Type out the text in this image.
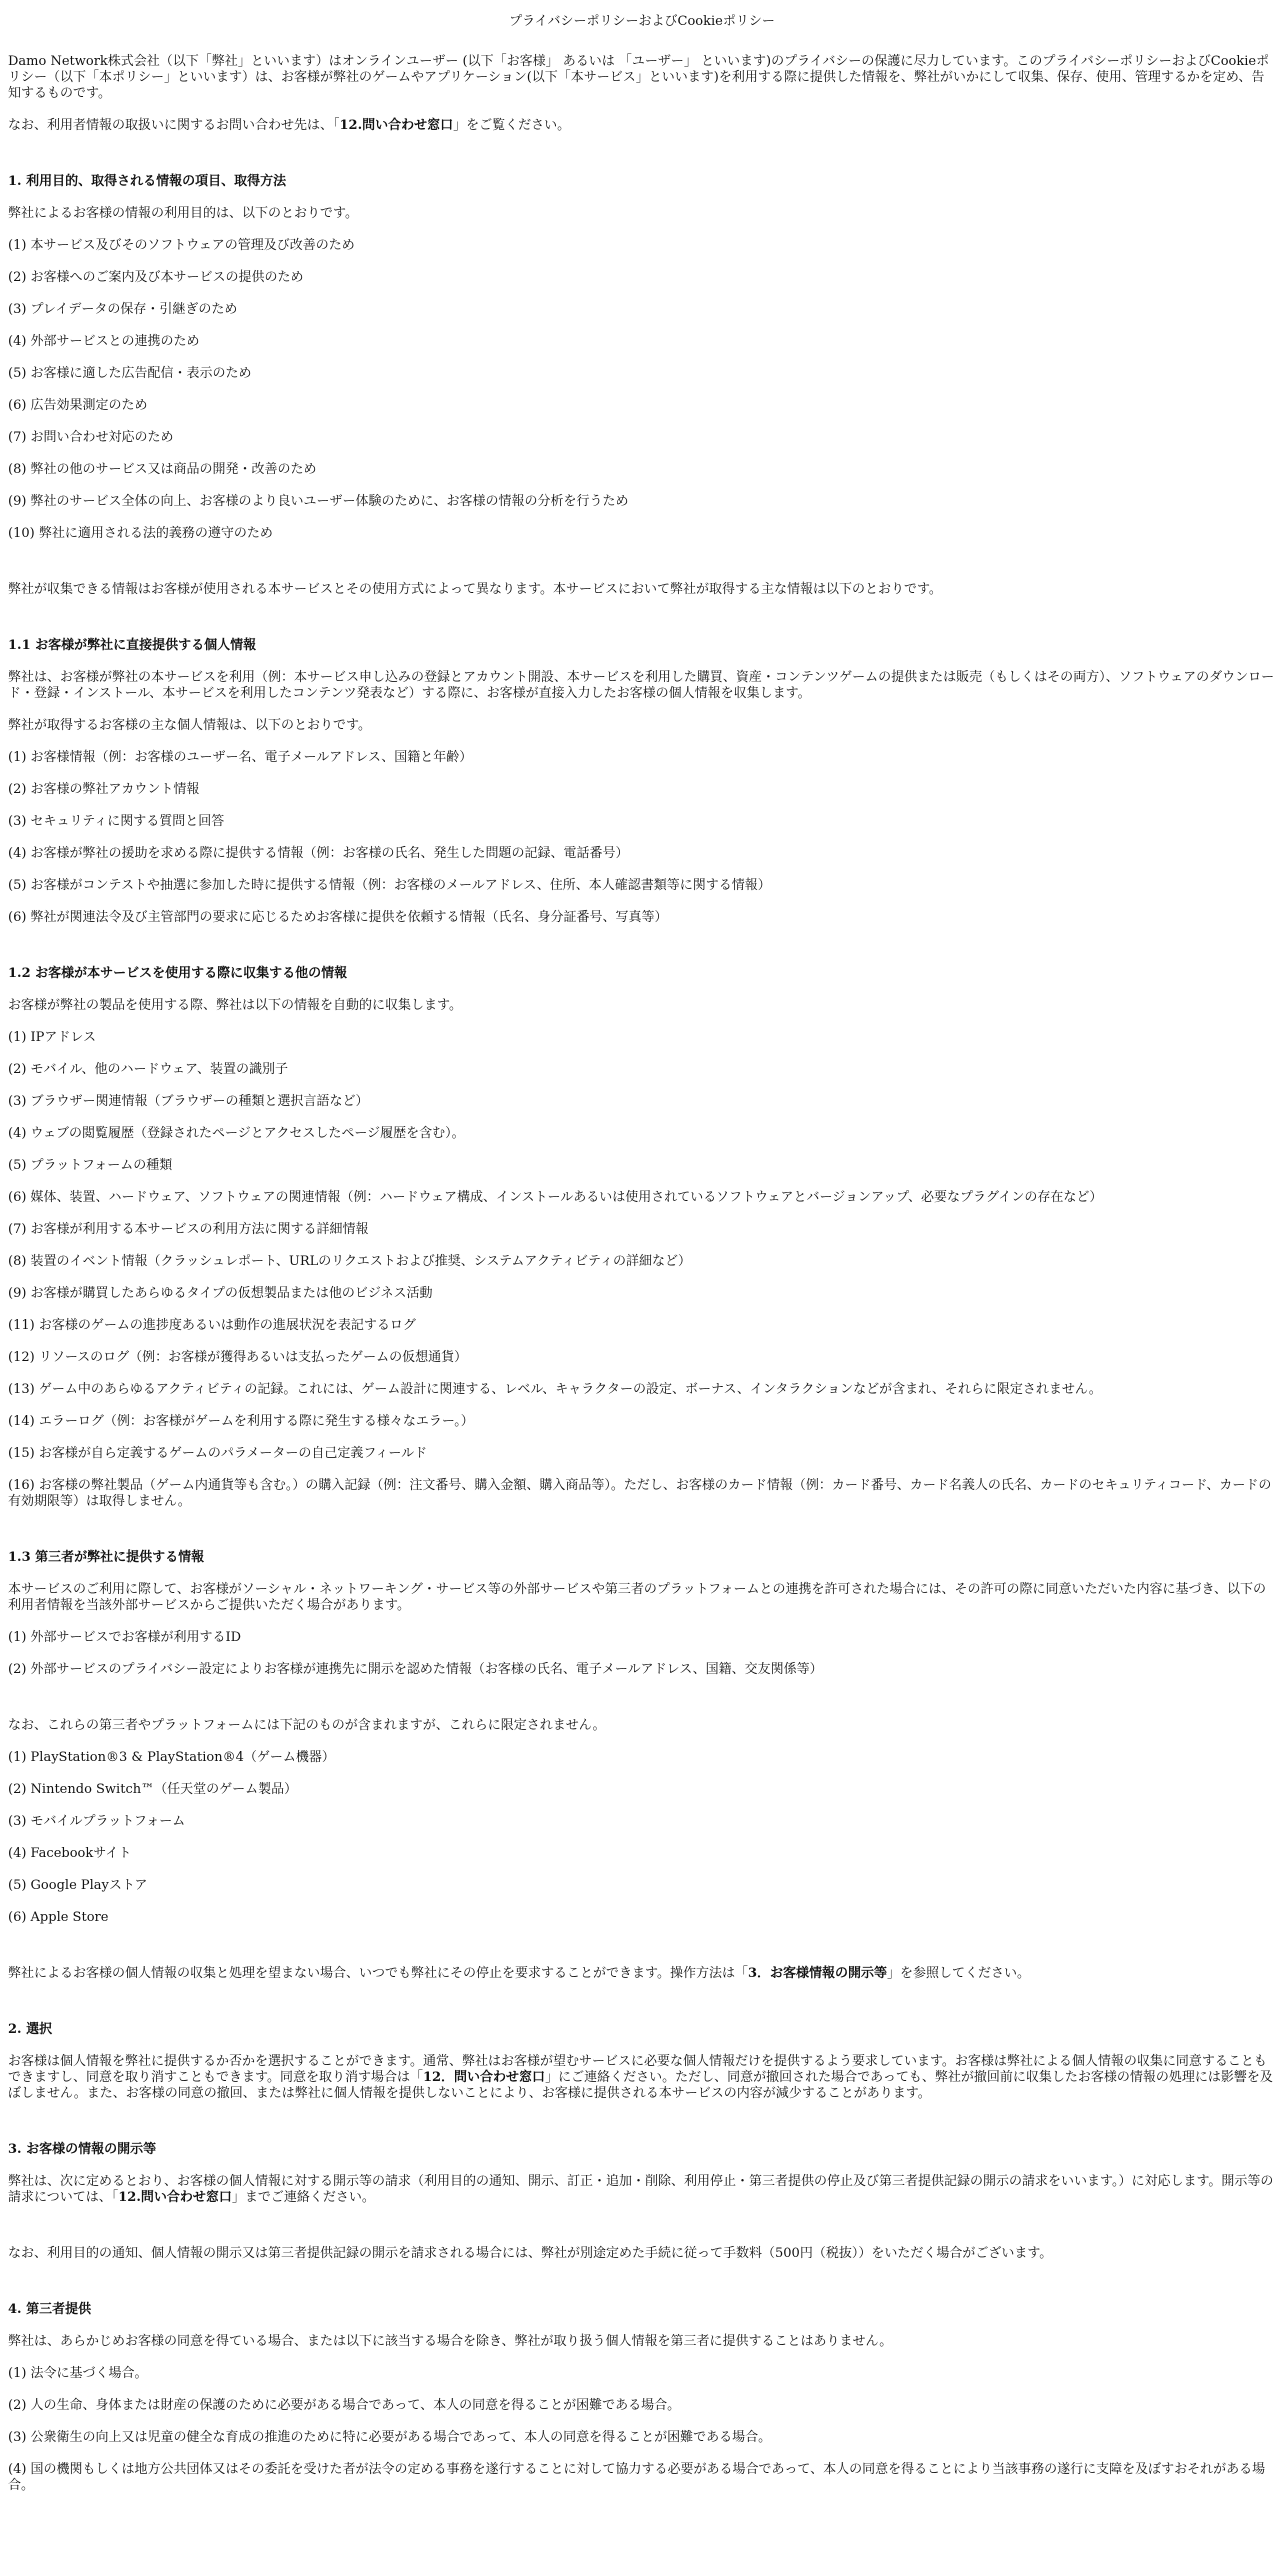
プライバシーポリシーおよびCookieポリシー

Damo Network株式会社（以下「弊社」といいます）はオンラインユーザー (以下「お客様」 あるいは 「ユーザー」 といいます)のプライバシーの保護に尽力しています。このプライバシーポリシーおよびCookieポリシー（以下「本ポリシー」といいます）は、お客様が弊社のゲームやアプリケーション(以下「本サービス」といいます)を利用する際に提供した情報を、弊社がいかにして収集、保存、使用、管理するかを定め、告知するものです。

なお、利用者情報の取扱いに関するお問い合わせ先は、「12.問い合わせ窓口」をご覧ください。

1. 利用目的、取得される情報の項目、取得方法

弊社によるお客様の情報の利用目的は、以下のとおりです。

(1) 本サービス及びそのソフトウェアの管理及び改善のため

(2) お客様へのご案内及び本サービスの提供のため

(3) プレイデータの保存・引継ぎのため

(4) 外部サービスとの連携のため

(5) お客様に適した広告配信・表示のため

(6) 広告効果測定のため

(7) お問い合わせ対応のため

(8) 弊社の他のサービス又は商品の開発・改善のため

(9) 弊社のサービス全体の向上、お客様のより良いユーザー体験のために、お客様の情報の分析を行うため

(10) 弊社に適用される法的義務の遵守のため

弊社が収集できる情報はお客様が使用される本サービスとその使用方式によって異なります。本サービスにおいて弊社が取得する主な情報は以下のとおりです。

1.1 お客様が弊社に直接提供する個人情報

弊社は、お客様が弊社の本サービスを利用（例：本サービス申し込みの登録とアカウント開設、本サービスを利用した購買、資産・コンテンツゲームの提供または販売（もしくはその両方）、ソフトウェアのダウンロード・登録・インストール、本サービスを利用したコンテンツ発表など）する際に、お客様が直接入力したお客様の個人情報を収集します。

弊社が取得するお客様の主な個人情報は、以下のとおりです。

(1) お客様情報（例：お客様のユーザー名、電子メールアドレス、国籍と年齢）

(2) お客様の弊社アカウント情報

(3) セキュリティに関する質問と回答

(4) お客様が弊社の援助を求める際に提供する情報（例：お客様の氏名、発生した問題の記録、電話番号）

(5) お客様がコンテストや抽選に参加した時に提供する情報（例：お客様のメールアドレス、住所、本人確認書類等に関する情報）

(6) 弊社が関連法令及び主管部門の要求に応じるためお客様に提供を依頼する情報（氏名、身分証番号、写真等）

1.2 お客様が本サービスを使用する際に収集する他の情報

お客様が弊社の製品を使用する際、弊社は以下の情報を自動的に収集します。

(1) IPアドレス

(2) モバイル、他のハードウェア、装置の識別子

(3) ブラウザー関連情報（ブラウザーの種類と選択言語など）

(4) ウェブの閲覧履歴（登録されたページとアクセスしたページ履歴を含む）。

(5) プラットフォームの種類

(6) 媒体、装置、ハードウェア、ソフトウェアの関連情報（例：ハードウェア構成、インストールあるいは使用されているソフトウェアとバージョンアップ、必要なプラグインの存在など）

(7) お客様が利用する本サービスの利用方法に関する詳細情報

(8) 装置のイベント情報（クラッシュレポート、URLのリクエストおよび推奨、システムアクティビティの詳細など）

(9) お客様が購買したあらゆるタイプの仮想製品または他のビジネス活動

(11) お客様のゲームの進捗度あるいは動作の進展状況を表記するログ

(12) リソースのログ（例：お客様が獲得あるいは支払ったゲームの仮想通貨）

(13) ゲーム中のあらゆるアクティビティの記録。これには、ゲーム設計に関連する、レベル、キャラクターの設定、ボーナス、インタラクションなどが含まれ、それらに限定されません。

(14) エラーログ（例：お客様がゲームを利用する際に発生する様々なエラー。）

(15) お客様が自ら定義するゲームのパラメーターの自己定義フィールド

(16) お客様の弊社製品（ゲーム内通貨等も含む。）の購入記録（例：注文番号、購入金額、購入商品等）。ただし、お客様のカード情報（例：カード番号、カード名義人の氏名、カードのセキュリティコード、カードの有効期限等）は取得しません。

1.3 第三者が弊社に提供する情報

本サービスのご利用に際して、お客様がソーシャル・ネットワーキング・サービス等の外部サービスや第三者のプラットフォームとの連携を許可された場合には、その許可の際に同意いただいた内容に基づき、以下の利用者情報を当該外部サービスからご提供いただく場合があります。

(1) 外部サービスでお客様が利用するID

(2) 外部サービスのプライバシー設定によりお客様が連携先に開示を認めた情報（お客様の氏名、電子メールアドレス、国籍、交友関係等）

なお、これらの第三者やプラットフォームには下記のものが含まれますが、これらに限定されません。

(1) PlayStation®3 & PlayStation®4（ゲーム機器）

(2) Nintendo Switch™（任天堂のゲーム製品）

(3) モバイルプラットフォーム

(4) Facebookサイト

(5) Google Playストア

(6) Apple Store

弊社によるお客様の個人情報の収集と処理を望まない場合、いつでも弊社にその停止を要求することができます。操作方法は「3．お客様情報の開示等」を参照してください。

2. 選択

お客様は個人情報を弊社に提供するか否かを選択することができます。通常、弊社はお客様が望むサービスに必要な個人情報だけを提供するよう要求しています。お客様は弊社による個人情報の収集に同意することもできますし、同意を取り消すこともできます。同意を取り消す場合は「12．問い合わせ窓口」にご連絡ください。ただし、同意が撤回された場合であっても、弊社が撤回前に収集したお客様の情報の処理には影響を及ぼしません。また、お客様の同意の撤回、または弊社に個人情報を提供しないことにより、お客様に提供される本サービスの内容が減少することがあります。

3. お客様の情報の開示等

弊社は、次に定めるとおり、お客様の個人情報に対する開示等の請求（利用目的の通知、開示、訂正・追加・削除、利用停止・第三者提供の停止及び第三者提供記録の開示の請求をいいます。）に対応します。開示等の請求については、「12.問い合わせ窓口」までご連絡ください。

なお、利用目的の通知、個人情報の開示又は第三者提供記録の開示を請求される場合には、弊社が別途定めた手続に従って手数料（500円（税抜））をいただく場合がございます。

4. 第三者提供

弊社は、あらかじめお客様の同意を得ている場合、または以下に該当する場合を除き、弊社が取り扱う個人情報を第三者に提供することはありません。

(1) 法令に基づく場合。

(2) 人の生命、身体または財産の保護のために必要がある場合であって、本人の同意を得ることが困難である場合。

(3) 公衆衛生の向上又は児童の健全な育成の推進のために特に必要がある場合であって、本人の同意を得ることが困難である場合。

(4) 国の機関もしくは地方公共団体又はその委託を受けた者が法令の定める事務を遂行することに対して協力する必要がある場合であって、本人の同意を得ることにより当該事務の遂行に支障を及ぼすおそれがある場合。
